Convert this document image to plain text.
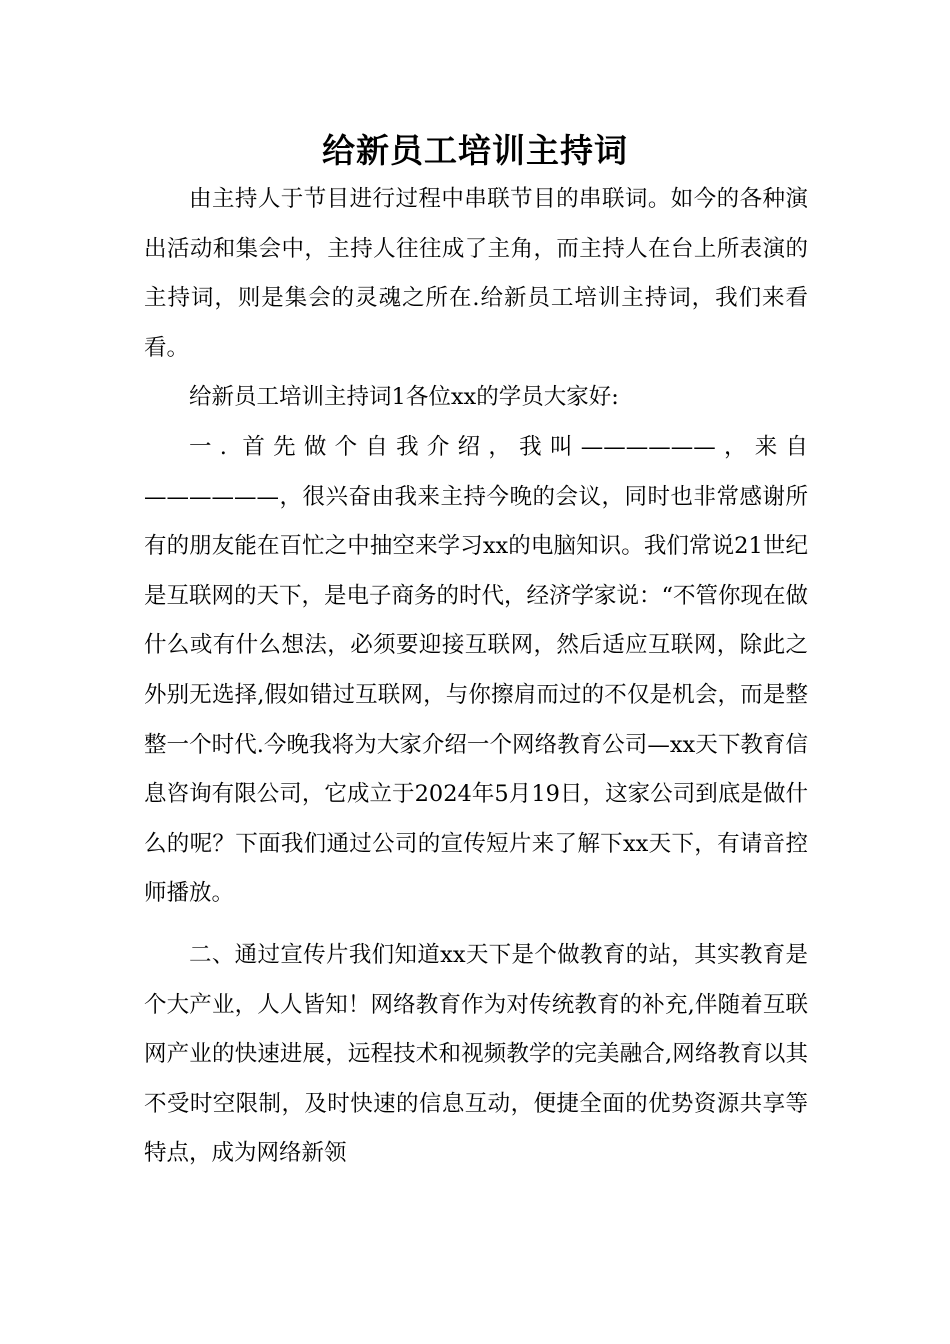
给新员工培训主持词

由主持人于节目进行过程中串联节目的串联词。如今的各种演出活动和集会中，主持人往往成了主角，而主持人在台上所表演的主持词，则是集会的灵魂之所在.给新员工培训主持词，我们来看看。

给新员工培训主持词1各位xx的学员大家好:

一. 首先做个自我介绍，我叫——————，来自——————，很兴奋由我来主持今晚的会议，同时也非常感谢所有的朋友能在百忙之中抽空来学习xx的电脑知识。我们常说21世纪是互联网的天下，是电子商务的时代，经济学家说：“不管你现在做什么或有什么想法，必须要迎接互联网，然后适应互联网，除此之外别无选择,假如错过互联网，与你擦肩而过的不仅是机会，而是整整一个时代.今晚我将为大家介绍一个网络教育公司—xx天下教育信息咨询有限公司，它成立于2024年5月19日，这家公司到底是做什么的呢？下面我们通过公司的宣传短片来了解下xx天下，有请音控师播放。

二、通过宣传片我们知道xx天下是个做教育的站，其实教育是个大产业，人人皆知！网络教育作为对传统教育的补充,伴随着互联网产业的快速进展，远程技术和视频教学的完美融合,网络教育以其不受时空限制，及时快速的信息互动，便捷全面的优势资源共享等特点，成为网络新领
